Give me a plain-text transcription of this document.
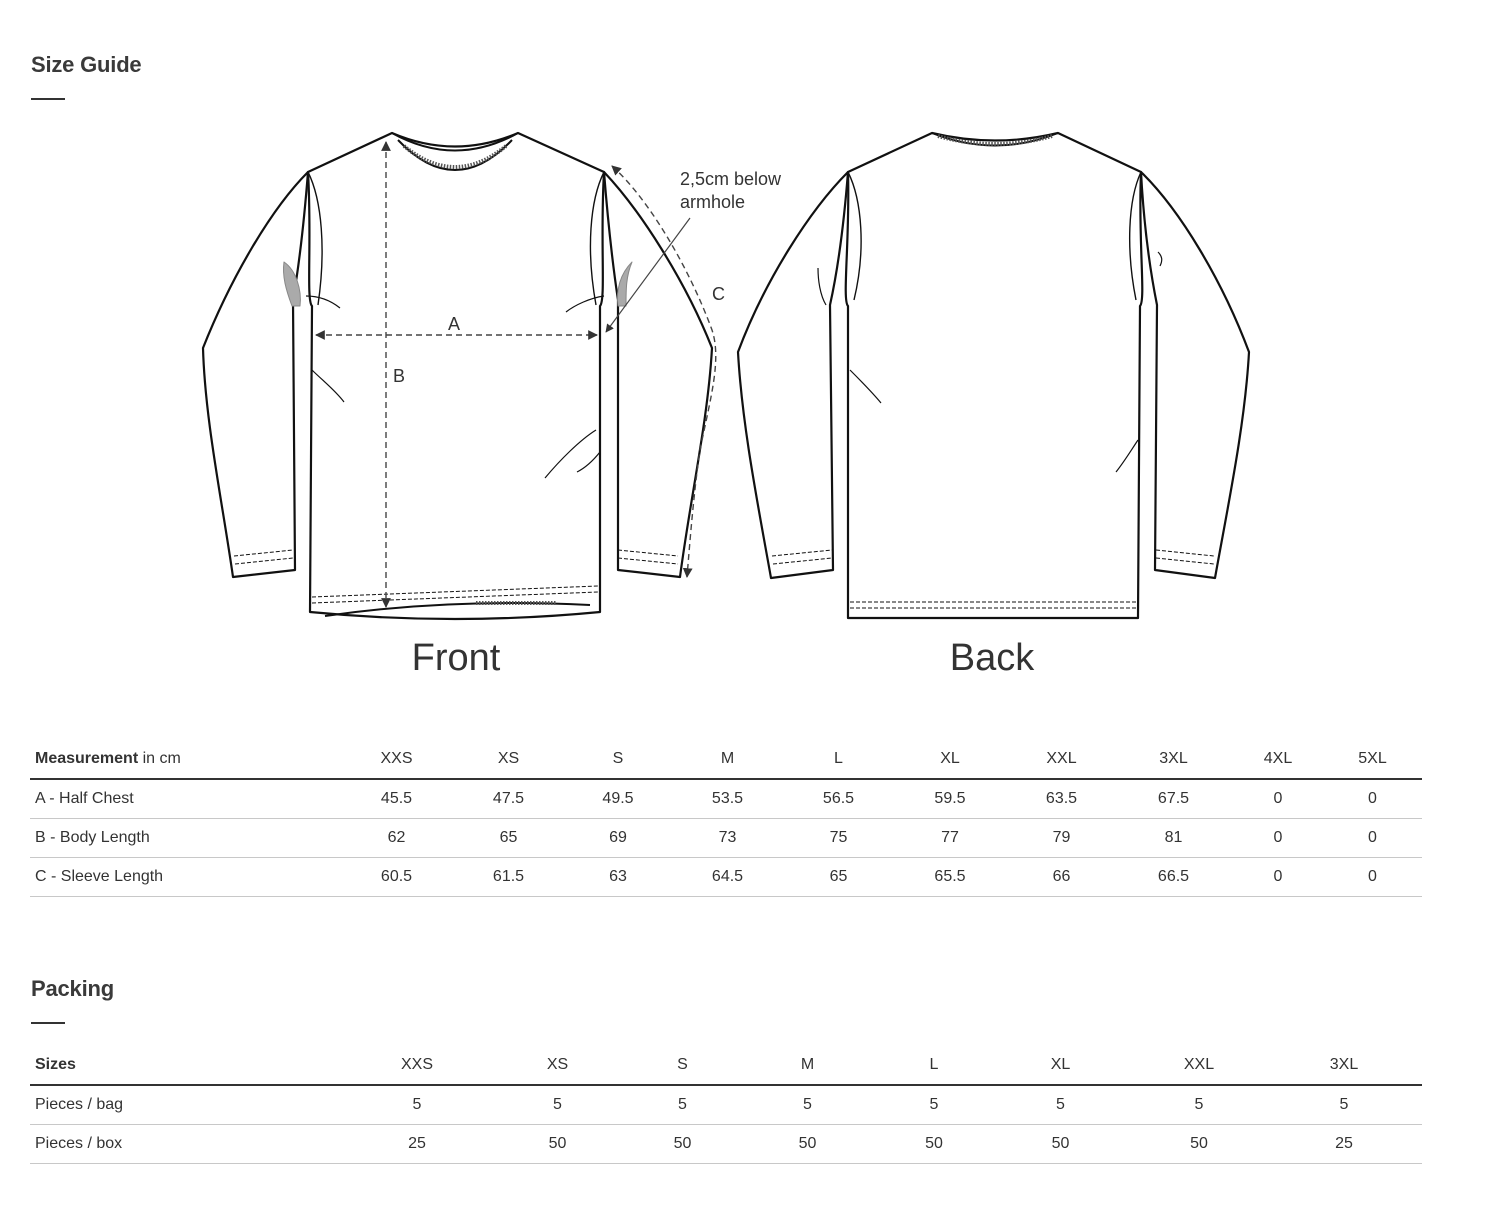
Size Guide
A
B
C
2,5cm below
armhole
Front	Back
Measurement in cm	XXS	XS	S	M	L	XL	XXL	3XL	4XL	5XL
A - Half Chest	45.5	47.5	49.5	53.5	56.5	59.5	63.5	67.5	0	0
B - Body Length	62	65	69	73	75	77	79	81	0	0
C - Sleeve Length	60.5	61.5	63	64.5	65	65.5	66	66.5	0	0
Packing
Sizes	XXS	XS	S	M	L	XL	XXL	3XL
Pieces / bag	5	5	5	5	5	5	5	5
Pieces / box	25	50	50	50	50	50	50	25
